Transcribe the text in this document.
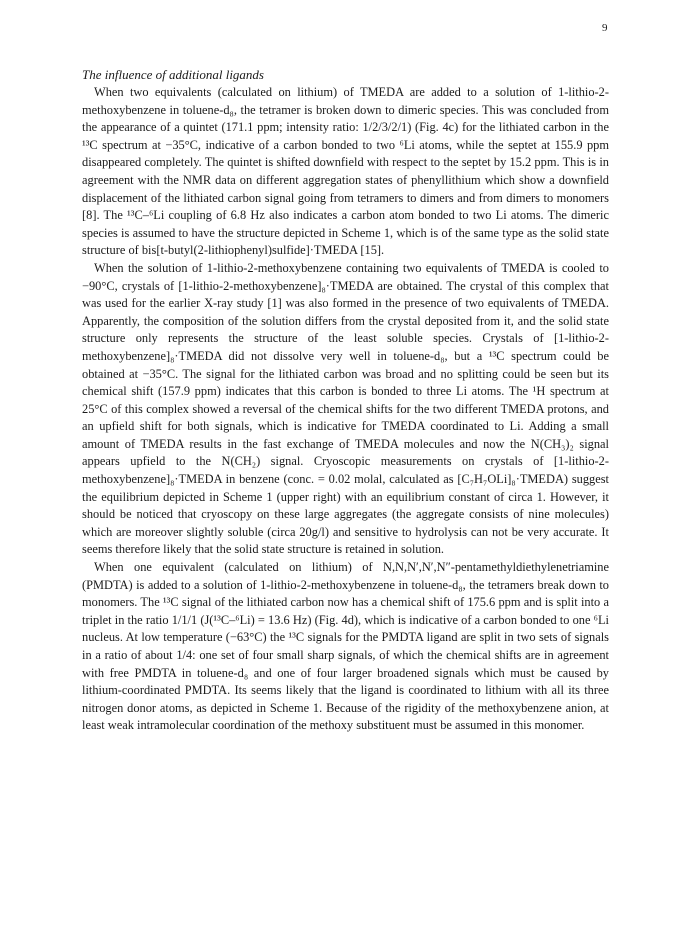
9
The influence of additional ligands

When two equivalents (calculated on lithium) of TMEDA are added to a solution of 1-lithio-2-methoxybenzene in toluene-d₈, the tetramer is broken down to dimeric species. This was concluded from the appearance of a quintet (171.1 ppm; intensity ratio: 1/2/3/2/1) (Fig. 4c) for the lithiated carbon in the ¹³C spectrum at −35°C, indicative of a carbon bonded to two ⁶Li atoms, while the septet at 155.9 ppm disappeared completely. The quintet is shifted downfield with respect to the septet by 15.2 ppm. This is in agreement with the NMR data on different aggregation states of phenyllithium which show a downfield displacement of the lithiated carbon signal going from tetramers to dimers and from dimers to monomers [8]. The ¹³C–⁶Li coupling of 6.8 Hz also indicates a carbon atom bonded to two Li atoms. The dimeric species is assumed to have the structure depicted in Scheme 1, which is of the same type as the solid state structure of bis[t-butyl(2-lithiophenyl)sulfide]·TMEDA [15].

When the solution of 1-lithio-2-methoxybenzene containing two equivalents of TMEDA is cooled to −90°C, crystals of [1-lithio-2-methoxybenzene]₈·TMEDA are obtained. The crystal of this complex that was used for the earlier X-ray study [1] was also formed in the presence of two equivalents of TMEDA. Apparently, the composition of the solution differs from the crystal deposited from it, and the solid state structure only represents the structure of the least soluble species. Crystals of [1-lithio-2-methoxybenzene]₈·TMEDA did not dissolve very well in toluene-d₈, but a ¹³C spectrum could be obtained at −35°C. The signal for the lithiated carbon was broad and no splitting could be seen but its chemical shift (157.9 ppm) indicates that this carbon is bonded to three Li atoms. The ¹H spectrum at 25°C of this complex showed a reversal of the chemical shifts for the two different TMEDA protons, and an upfield shift for both signals, which is indicative for TMEDA coordinated to Li. Adding a small amount of TMEDA results in the fast exchange of TMEDA molecules and now the N(CH₃)₂ signal appears upfield to the N(CH₂) signal. Cryoscopic measurements on crystals of [1-lithio-2-methoxybenzene]₈·TMEDA in benzene (conc. = 0.02 molal, calculated as [C₇H₇OLi]₈·TMEDA) suggest the equilibrium depicted in Scheme 1 (upper right) with an equilibrium constant of circa 1. However, it should be noticed that cryoscopy on these large aggregates (the aggregate consists of nine molecules) which are moreover slightly soluble (circa 20g/l) and sensitive to hydrolysis can not be very accurate. It seems therefore likely that the solid state structure is retained in solution.

When one equivalent (calculated on lithium) of N,N,N′,N′,N″-pentamethyldiethylenetriamine (PMDTA) is added to a solution of 1-lithio-2-methoxybenzene in toluene-d₈, the tetramers break down to monomers. The ¹³C signal of the lithiated carbon now has a chemical shift of 175.6 ppm and is split into a triplet in the ratio 1/1/1 (J(¹³C–⁶Li) = 13.6 Hz) (Fig. 4d), which is indicative of a carbon bonded to one ⁶Li nucleus. At low temperature (−63°C) the ¹³C signals for the PMDTA ligand are split in two sets of signals in a ratio of about 1/4: one set of four small sharp signals, of which the chemical shifts are in agreement with free PMDTA in toluene-d₈ and one of four larger broadened signals which must be caused by lithium-coordinated PMDTA. Its seems likely that the ligand is coordinated to lithium with all its three nitrogen donor atoms, as depicted in Scheme 1. Because of the rigidity of the methoxybenzene anion, at least weak intramolecular coordination of the methoxy substituent must be assumed in this monomer.
